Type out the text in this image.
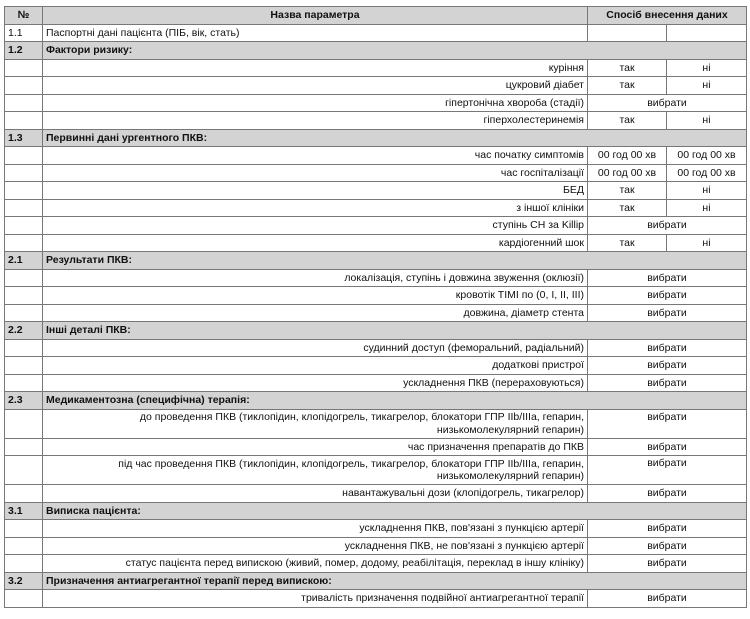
№	Назва параметра	Спосіб внесення даних	
1.1	Паспортні дані пацієнта (ПІБ, вік, стать)		
1.2	Фактори ризику:		
	куріння	так	ні
	цукровий діабет	так	ні
	гіпертонічна хвороба (стадії)	вибрати	
	гіперхолестеринемія	так	ні
1.3	Первинні дані ургентного ПКВ:		
	час початку симптомів	00 год 00 хв	00 год 00 хв
	час госпіталізації	00 год 00 хв	00 год 00 хв
	БЕД	так	ні
	з іншої клініки	так	ні
	ступінь СН за Killip	вибрати	
	кардіогенний шок	так	ні
2.1	Результати ПКВ:		
	локалізація, ступінь і довжина звуження (оклюзії)	вибрати	
	кровотік ТІМІ по (0, I, II, III)	вибрати	
	довжина, діаметр стента	вибрати	
2.2	Інші деталі ПКВ:		
	судинний доступ (феморальний, радіальний)	вибрати	
	додаткові пристрої	вибрати	
	ускладнення ПКВ (перераховуються)	вибрати	
2.3	Медикаментозна (специфічна) терапія:		
	до проведення ПКВ (тиклопідин, клопідогрель, тикагрелор, блокатори ГПР IIb/IIIa, гепарин, низькомолекулярний гепарин)	вибрати	
	час призначення препаратів до ПКВ	вибрати	
	під час проведення ПКВ (тиклопідин, клопідогрель, тикагрелор, блокатори ГПР IIb/IIIa, гепарин, низькомолекулярний гепарин)	вибрати	
	навантажувальні дози (клопідогрель, тикагрелор)	вибрати	
3.1	Виписка пацієнта:		
	ускладнення ПКВ, пов'язані з пункцією артерії	вибрати	
	ускладнення ПКВ, не пов'язані з пункцією артерії	вибрати	
	статус пацієнта перед випискою (живий, помер, додому, реабілітація, переклад в іншу клініку)	вибрати	
3.2	Призначення антиагрегантної терапії перед випискою:		
	тривалість призначення подвійної антиагрегантної терапії	вибрати	
